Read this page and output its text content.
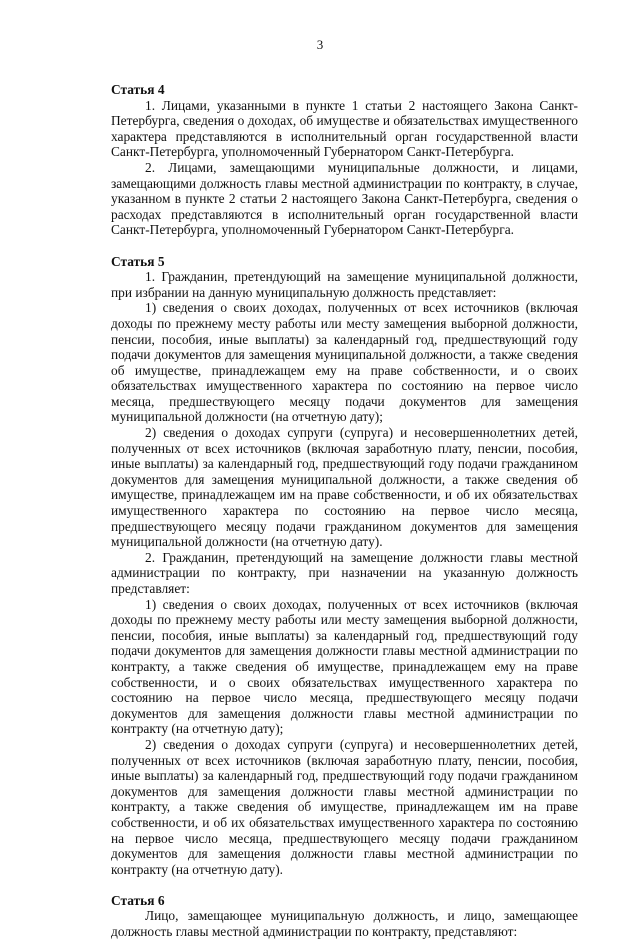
3

Статья 4

1. Лицами, указанными в пункте 1 статьи 2 настоящего Закона Санкт-Петербурга, сведения о доходах, об имуществе и обязательствах имущественного характера представляются в исполнительный орган государственной власти Санкт-Петербурга, уполномоченный Губернатором Санкт-Петербурга.

2. Лицами, замещающими муниципальные должности, и лицами, замещающими должность главы местной администрации по контракту, в случае, указанном в пункте 2 статьи 2 настоящего Закона Санкт-Петербурга, сведения о расходах представляются в исполнительный орган государственной власти Санкт-Петербурга, уполномоченный Губернатором Санкт-Петербурга.

Статья 5

1. Гражданин, претендующий на замещение муниципальной должности, при избрании на данную муниципальную должность представляет:

1) сведения о своих доходах, полученных от всех источников (включая доходы по прежнему месту работы или месту замещения выборной должности, пенсии, пособия, иные выплаты) за календарный год, предшествующий году подачи документов для замещения муниципальной должности, а также сведения об имуществе, принадлежащем ему на праве собственности, и о своих обязательствах имущественного характера по состоянию на первое число месяца, предшествующего месяцу подачи документов для замещения муниципальной должности (на отчетную дату);

2) сведения о доходах супруги (супруга) и несовершеннолетних детей, полученных от всех источников (включая заработную плату, пенсии, пособия, иные выплаты) за календарный год, предшествующий году подачи гражданином документов для замещения муниципальной должности, а также сведения об имуществе, принадлежащем им на праве собственности, и об их обязательствах имущественного характера по состоянию на первое число месяца, предшествующего месяцу подачи гражданином документов для замещения муниципальной должности (на отчетную дату).

2. Гражданин, претендующий на замещение должности главы местной администрации по контракту, при назначении на указанную должность представляет:

1) сведения о своих доходах, полученных от всех источников (включая доходы по прежнему месту работы или месту замещения выборной должности, пенсии, пособия, иные выплаты) за календарный год, предшествующий году подачи документов для замещения должности главы местной администрации по контракту, а также сведения об имуществе, принадлежащем ему на праве собственности, и о своих обязательствах имущественного характера по состоянию на первое число месяца, предшествующего месяцу подачи документов для замещения должности главы местной администрации по контракту (на отчетную дату);

2) сведения о доходах супруги (супруга) и несовершеннолетних детей, полученных от всех источников (включая заработную плату, пенсии, пособия, иные выплаты) за календарный год, предшествующий году подачи гражданином документов для замещения должности главы местной администрации по контракту, а также сведения об имуществе, принадлежащем им на праве собственности, и об их обязательствах имущественного характера по состоянию на первое число месяца, предшествующего месяцу подачи гражданином документов для замещения должности главы местной администрации по контракту (на отчетную дату).

Статья 6

Лицо, замещающее муниципальную должность, и лицо, замещающее должность главы местной администрации по контракту, представляют:
